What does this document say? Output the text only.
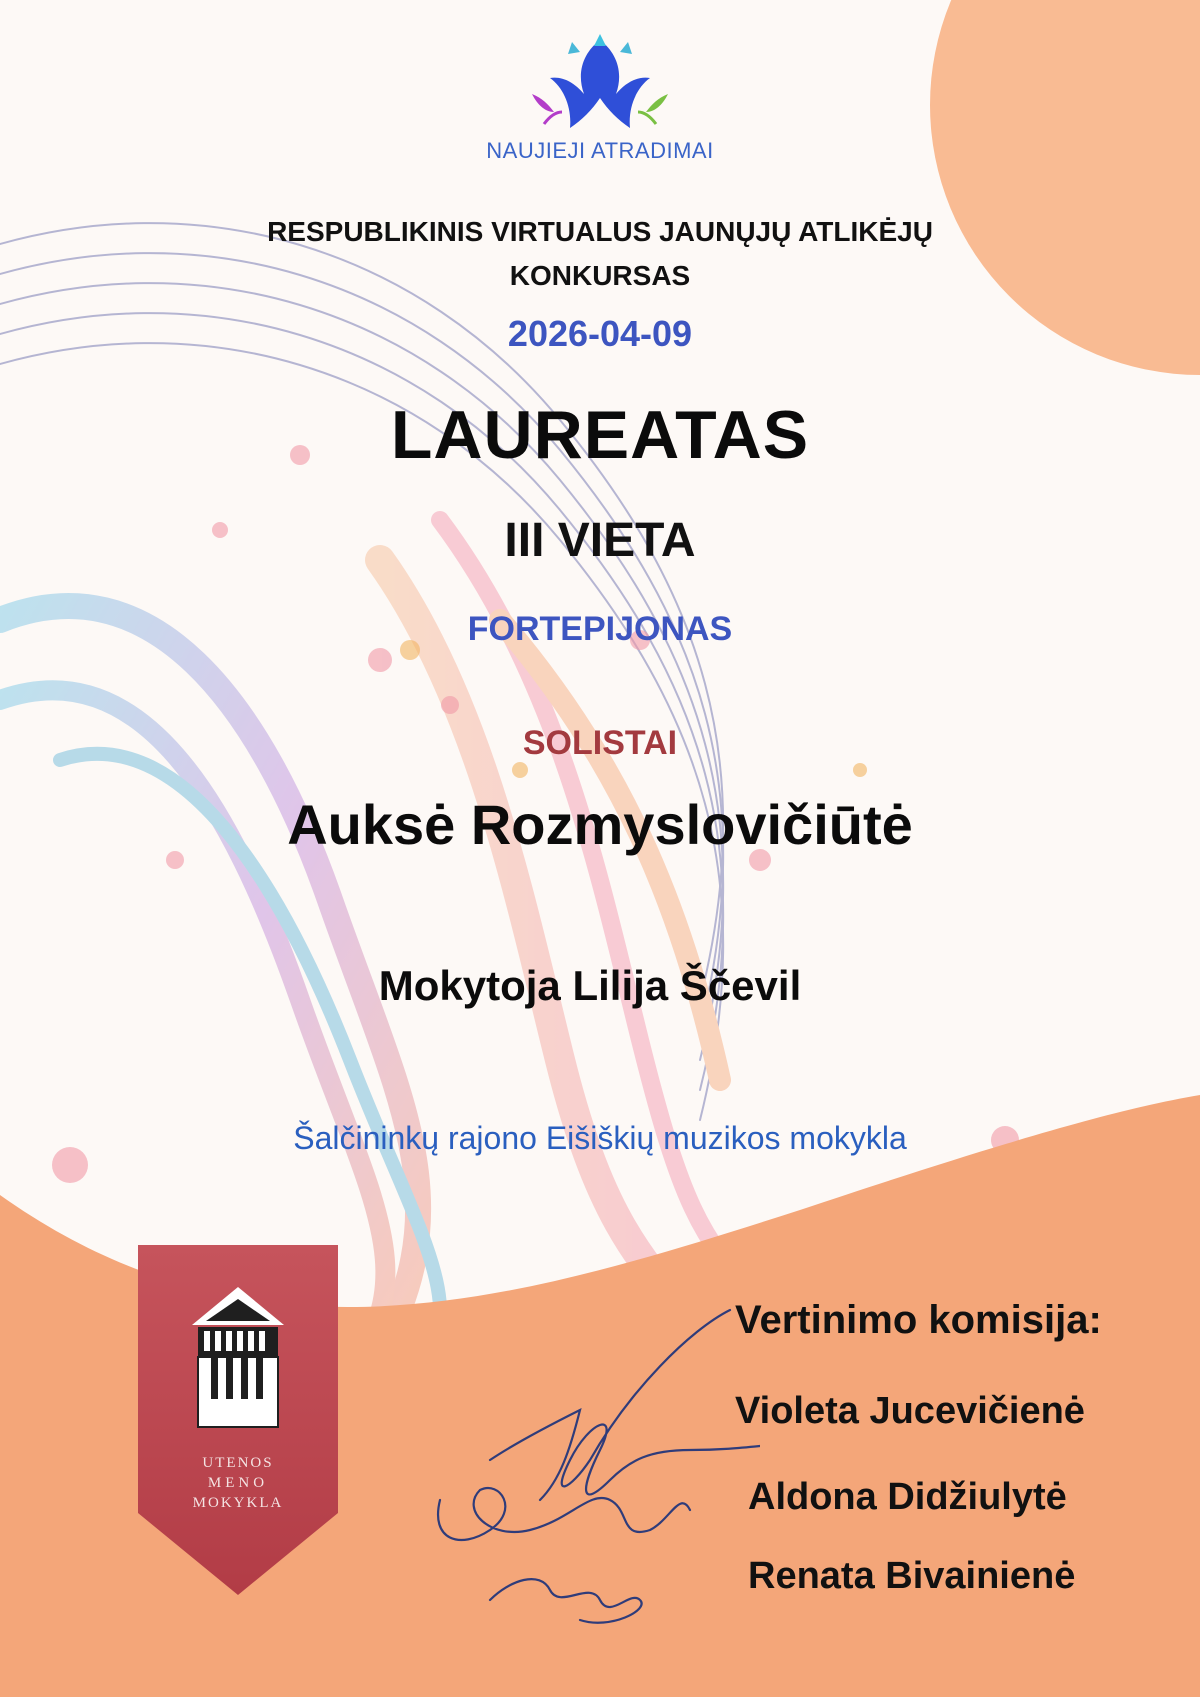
NAUJIEJI ATRADIMAI
RESPUBLIKINIS VIRTUALUS JAUNŲJŲ ATLIKĖJŲ KONKURSAS
2026-04-09
LAUREATAS
III VIETA
FORTEPIJONAS
SOLISTAI
Auksė Rozmyslovičiūtė
Mokytoja Lilija Ščevil
Šalčininkų rajono Eišiškių muzikos mokykla
UTENOS
MENO
MOKYKLA
Vertinimo komisija:
Violeta Jucevičienė
Aldona Didžiulytė
Renata Bivainienė
